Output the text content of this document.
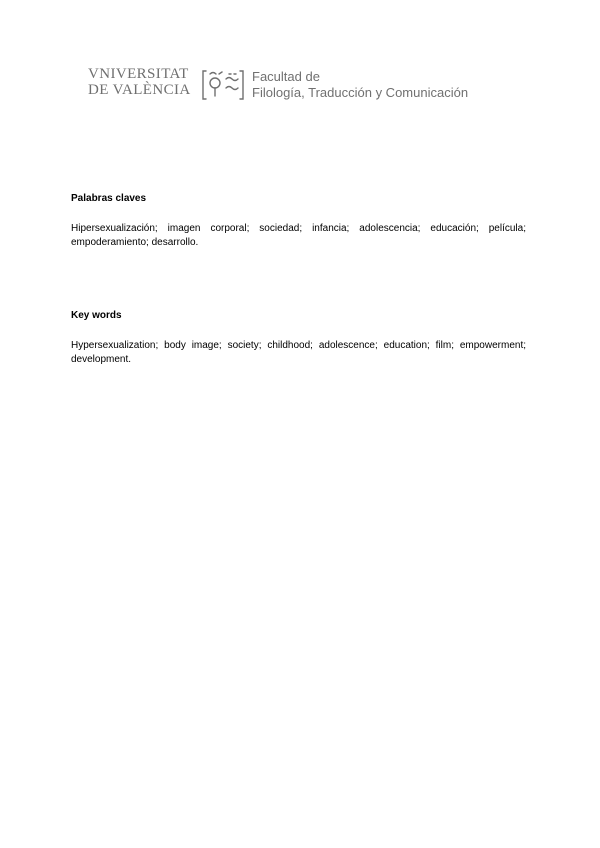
VNIVERSITAT
DE VALÈNCIA
Facultad de
Filología, Traducción y Comunicación

Palabras claves

Hipersexualización; imagen corporal; sociedad; infancia; adolescencia; educación; película; empoderamiento; desarrollo.

Key words

Hypersexualization; body image; society; childhood; adolescence; education; film; empowerment; development.
